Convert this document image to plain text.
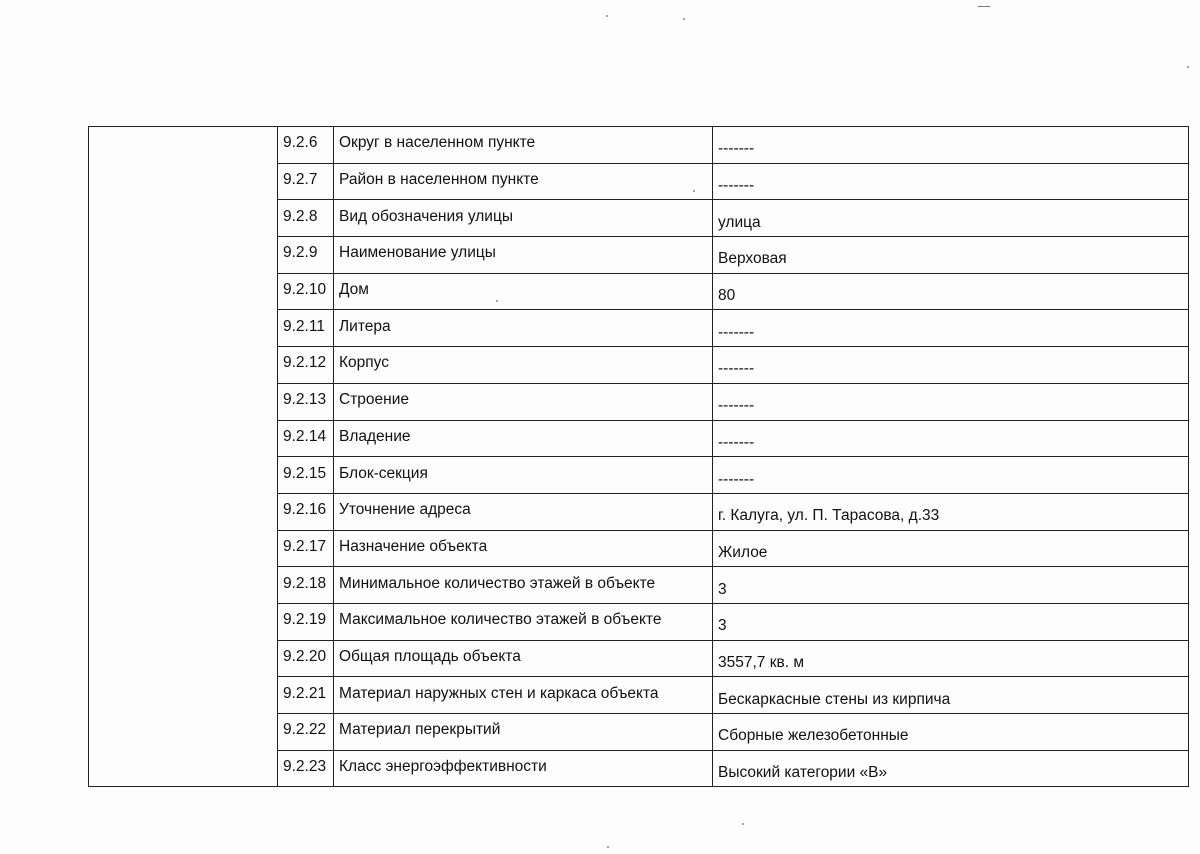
	9.2.6	Округ в населенном пункте	-------
	9.2.7	Район в населенном пункте	-------
	9.2.8	Вид обозначения улицы	улица
	9.2.9	Наименование улицы	Верховая
	9.2.10	Дом	80
	9.2.11	Литера	-------
	9.2.12	Корпус	-------
	9.2.13	Строение	-------
	9.2.14	Владение	-------
	9.2.15	Блок-секция	-------
	9.2.16	Уточнение адреса	г. Калуга, ул. П. Тарасова, д.33
	9.2.17	Назначение объекта	Жилое
	9.2.18	Минимальное количество этажей в объекте	3
	9.2.19	Максимальное количество этажей в объекте	3
	9.2.20	Общая площадь объекта	3557,7 кв. м
	9.2.21	Материал наружных стен и каркаса объекта	Бескаркасные стены из кирпича
	9.2.22	Материал перекрытий	Сборные железобетонные
	9.2.23	Класс энергоэффективности	Высокий категории «В»
